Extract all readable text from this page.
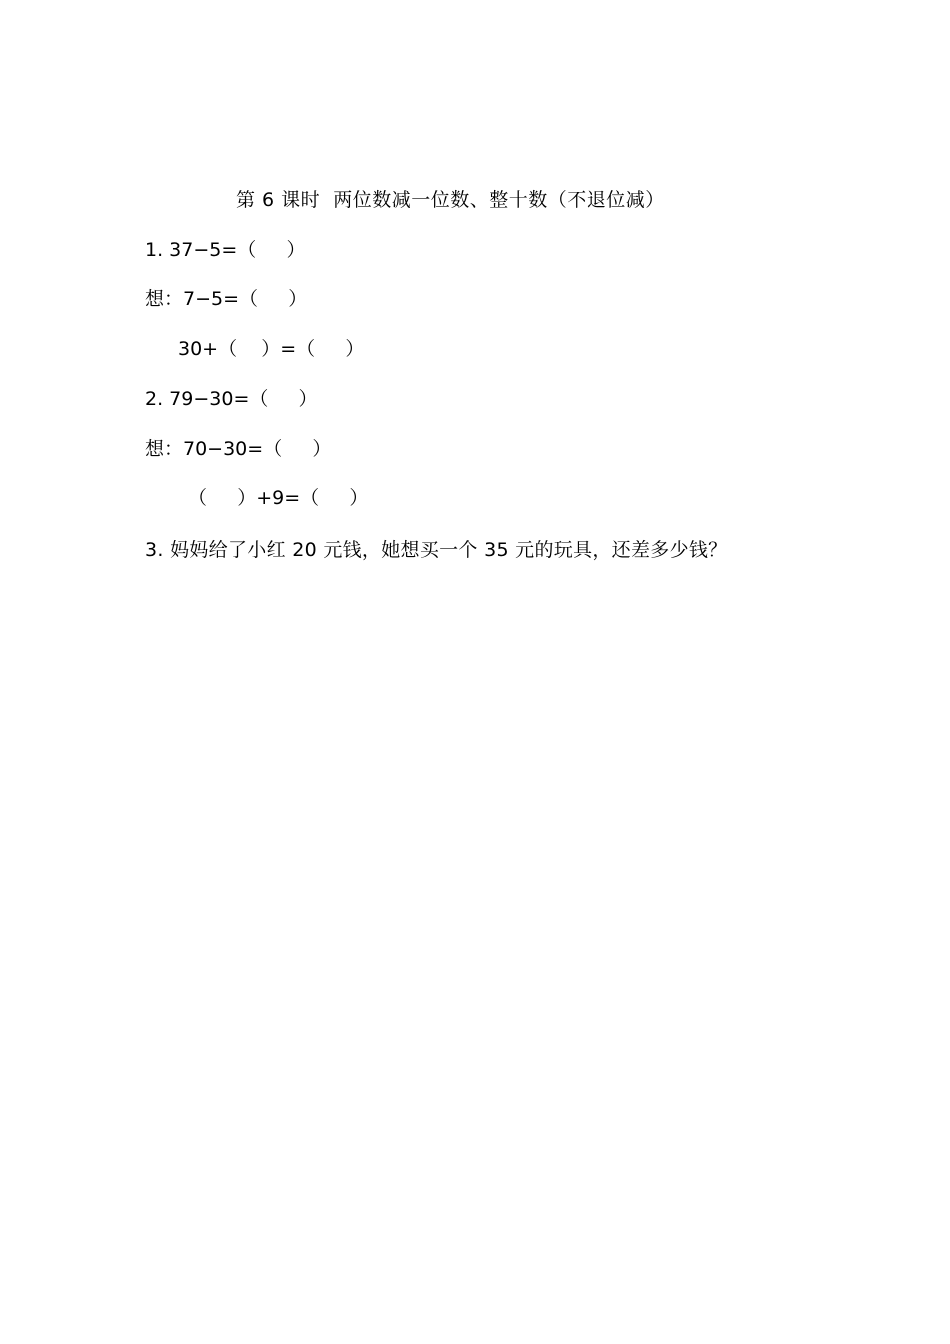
第 6 课时  两位数减一位数、整十数（不退位减）
1. 37−5=（     ）
想：7−5=（     ）
30+（    ）=（     ）
2. 79−30=（     ）
想：70−30=（     ）
（     ）+9=（     ）
3. 妈妈给了小红 20 元钱，她想买一个 35 元的玩具，还差多少钱？
